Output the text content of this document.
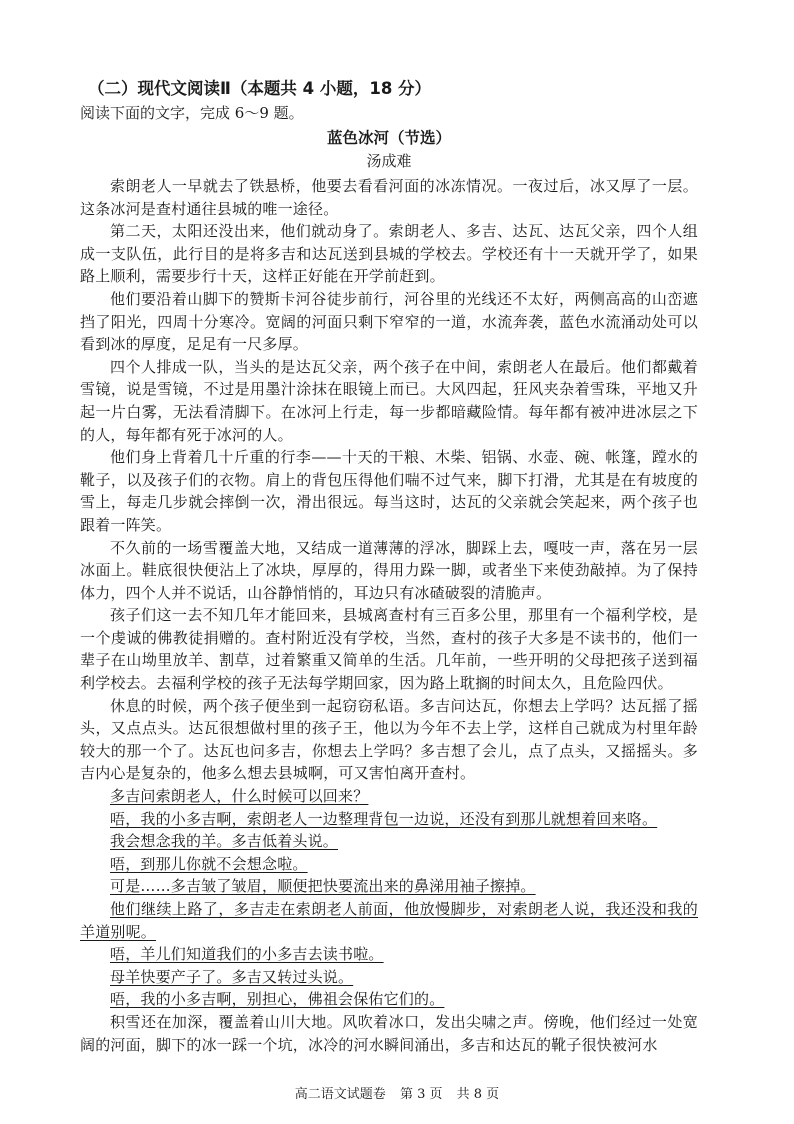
（二）现代文阅读Ⅱ（本题共 4 小题，18 分）
阅读下面的文字，完成 6～9 题。
蓝色冰河（节选）
汤成难

索朗老人一早就去了铁悬桥，他要去看看河面的冰冻情况。一夜过后，冰又厚了一层。这条冰河是查村通往县城的唯一途径。

第二天，太阳还没出来，他们就动身了。索朗老人、多吉、达瓦、达瓦父亲，四个人组成一支队伍，此行目的是将多吉和达瓦送到县城的学校去。学校还有十一天就开学了，如果路上顺利，需要步行十天，这样正好能在开学前赶到。

他们要沿着山脚下的赞斯卡河谷徒步前行，河谷里的光线还不太好，两侧高高的山峦遮挡了阳光，四周十分寒冷。宽阔的河面只剩下窄窄的一道，水流奔袭，蓝色水流涌动处可以看到冰的厚度，足足有一尺多厚。

四个人排成一队，当头的是达瓦父亲，两个孩子在中间，索朗老人在最后。他们都戴着雪镜，说是雪镜，不过是用墨汁涂抹在眼镜上而已。大风四起，狂风夹杂着雪珠，平地又升起一片白雾，无法看清脚下。在冰河上行走，每一步都暗藏险情。每年都有被冲进冰层之下的人，每年都有死于冰河的人。

他们身上背着几十斤重的行李——十天的干粮、木柴、铝锅、水壶、碗、帐篷，蹚水的靴子，以及孩子们的衣物。肩上的背包压得他们喘不过气来，脚下打滑，尤其是在有坡度的雪上，每走几步就会摔倒一次，滑出很远。每当这时，达瓦的父亲就会笑起来，两个孩子也跟着一阵笑。

不久前的一场雪覆盖大地，又结成一道薄薄的浮冰，脚踩上去，嘎吱一声，落在另一层冰面上。鞋底很快便沾上了冰块，厚厚的，得用力跺一脚，或者坐下来使劲敲掉。为了保持体力，四个人并不说话，山谷静悄悄的，耳边只有冰碴破裂的清脆声。

孩子们这一去不知几年才能回来，县城离查村有三百多公里，那里有一个福利学校，是一个虔诚的佛教徒捐赠的。查村附近没有学校，当然，查村的孩子大多是不读书的，他们一辈子在山坳里放羊、割草，过着繁重又简单的生活。几年前，一些开明的父母把孩子送到福利学校去。去福利学校的孩子无法每学期回家，因为路上耽搁的时间太久，且危险四伏。

休息的时候，两个孩子便坐到一起窃窃私语。多吉问达瓦，你想去上学吗？达瓦摇了摇头，又点点头。达瓦很想做村里的孩子王，他以为今年不去上学，这样自己就成为村里年龄较大的那一个了。达瓦也问多吉，你想去上学吗？多吉想了会儿，点了点头，又摇摇头。多吉内心是复杂的，他多么想去县城啊，可又害怕离开查村。

多吉问索朗老人，什么时候可以回来？

唔，我的小多吉啊，索朗老人一边整理背包一边说，还没有到那儿就想着回来咯。

我会想念我的羊。多吉低着头说。

唔，到那儿你就不会想念啦。

可是……多吉皱了皱眉，顺便把快要流出来的鼻涕用袖子擦掉。

他们继续上路了，多吉走在索朗老人前面，他放慢脚步，对索朗老人说，我还没和我的羊道别呢。

唔，羊儿们知道我们的小多吉去读书啦。

母羊快要产子了。多吉又转过头说。

唔，我的小多吉啊，别担心，佛祖会保佑它们的。

积雪还在加深，覆盖着山川大地。风吹着冰口，发出尖啸之声。傍晚，他们经过一处宽阔的河面，脚下的冰一踩一个坑，冰冷的河水瞬间涌出，多吉和达瓦的靴子很快被河水

高二语文试题卷 第 3 页 共 8 页
